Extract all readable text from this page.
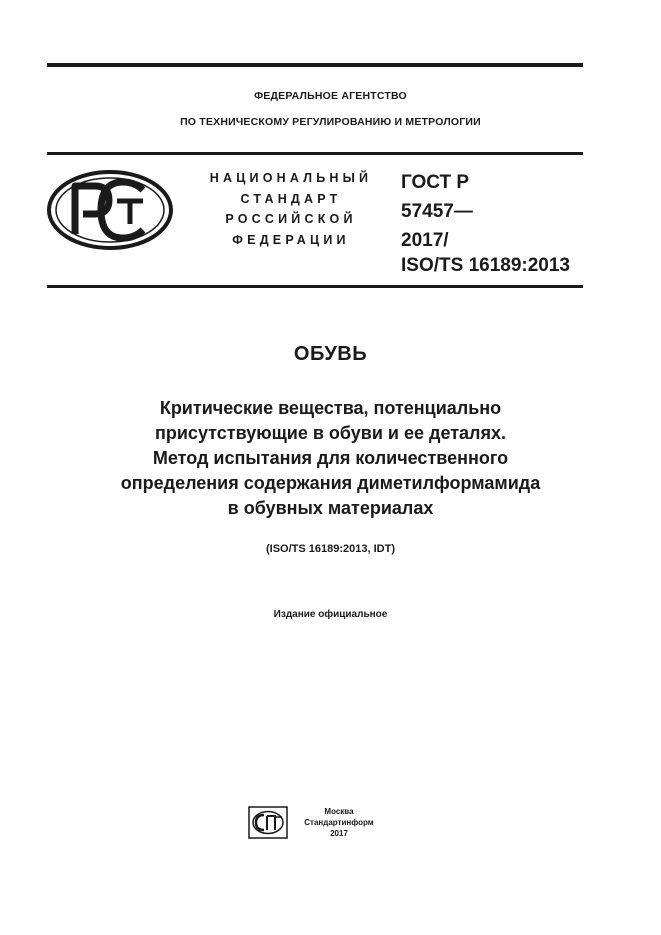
ФЕДЕРАЛЬНОЕ АГЕНТСТВО
ПО ТЕХНИЧЕСКОМУ РЕГУЛИРОВАНИЮ И МЕТРОЛОГИИ
НАЦИОНАЛЬНЫЙ
СТАНДАРТ
РОССИЙСКОЙ
ФЕДЕРАЦИИ
ГОСТ Р
57457—
2017/
ISO/TS 16189:2013
ОБУВЬ
Критические вещества, потенциально
присутствующие в обуви и ее деталях.
Метод испытания для количественного
определения содержания диметилформамида
в обувных материалах
(ISO/TS 16189:2013, IDT)
Издание официальное
Москва
Стандартинформ
2017
